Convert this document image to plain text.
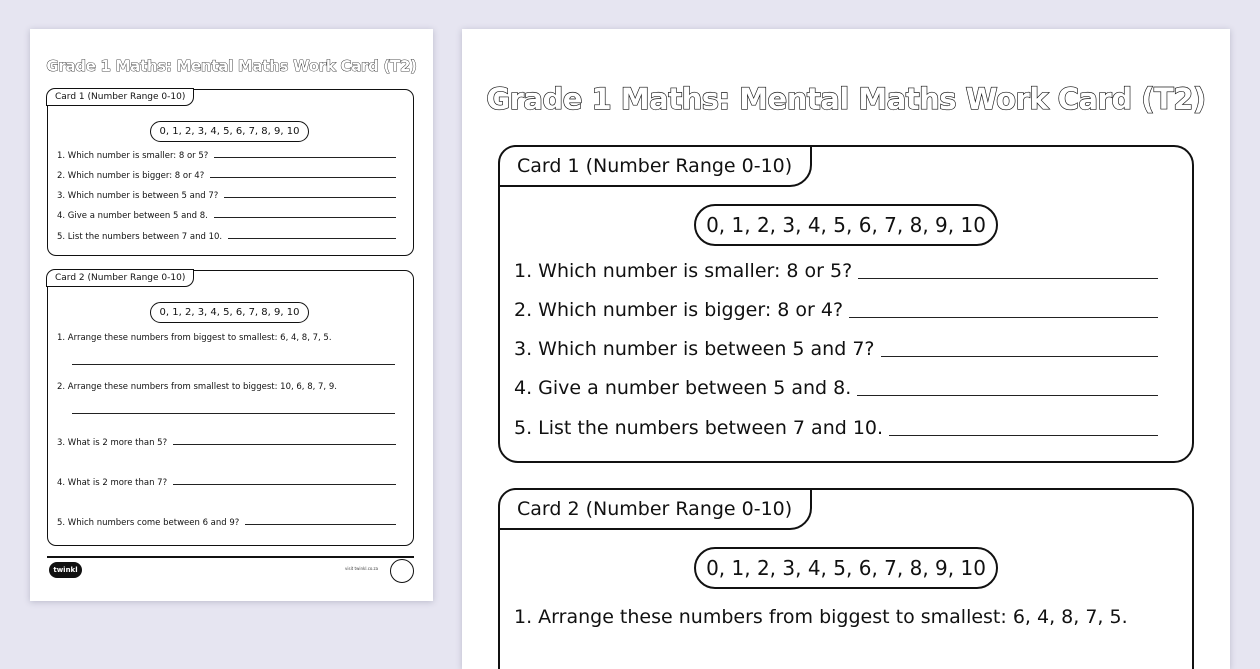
Grade 1 Maths: Mental Maths Work Card (T2)
Card 1 (Number Range 0-10)
0, 1, 2, 3, 4, 5, 6, 7, 8, 9, 10
1. Which number is smaller: 8 or 5?
2. Which number is bigger: 8 or 4?
3. Which number is between 5 and 7?
4. Give a number between 5 and 8.
5. List the numbers between 7 and 10.
Card 2 (Number Range 0-10)
0, 1, 2, 3, 4, 5, 6, 7, 8, 9, 10
1. Arrange these numbers from biggest to smallest: 6, 4, 8, 7, 5.
2. Arrange these numbers from smallest to biggest: 10, 6, 8, 7, 9.
3. What is 2 more than 5?
4. What is 2 more than 7?
5. Which numbers come between 6 and 9?
twinkl	visit twinkl.co.za
Grade 1 Maths: Mental Maths Work Card (T2)
Card 1 (Number Range 0-10)
0, 1, 2, 3, 4, 5, 6, 7, 8, 9, 10
1. Which number is smaller: 8 or 5?
2. Which number is bigger: 8 or 4?
3. Which number is between 5 and 7?
4. Give a number between 5 and 8.
5. List the numbers between 7 and 10.
Card 2 (Number Range 0-10)
0, 1, 2, 3, 4, 5, 6, 7, 8, 9, 10
1. Arrange these numbers from biggest to smallest: 6, 4, 8, 7, 5.
